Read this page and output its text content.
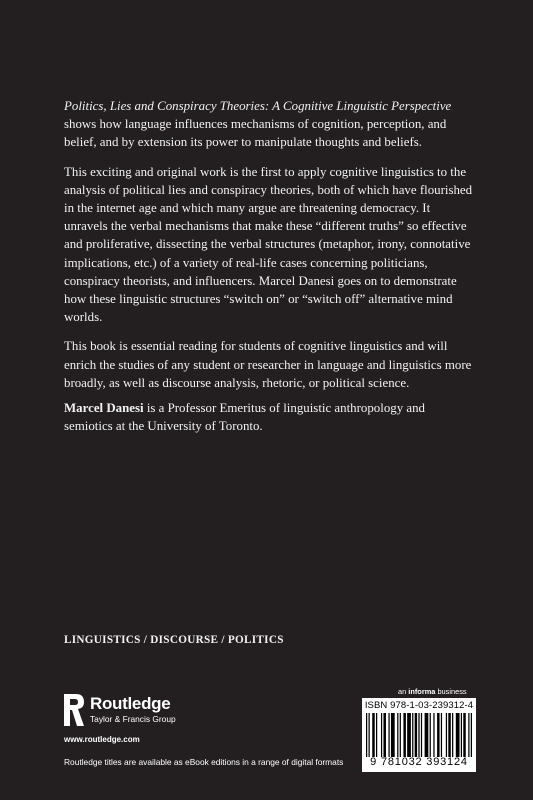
Politics, Lies and Conspiracy Theories: A Cognitive Linguistic Perspective shows how language influences mechanisms of cognition, perception, and belief, and by extension its power to manipulate thoughts and beliefs.

This exciting and original work is the first to apply cognitive linguistics to the analysis of political lies and conspiracy theories, both of which have flourished in the internet age and which many argue are threatening democracy. It unravels the verbal mechanisms that make these “different truths” so effective and proliferative, dissecting the verbal structures (metaphor, irony, connotative implications, etc.) of a variety of real-life cases concerning politicians, conspiracy theorists, and influencers. Marcel Danesi goes on to demonstrate how these linguistic structures “switch on” or “switch off” alternative mind worlds.

This book is essential reading for students of cognitive linguistics and will enrich the studies of any student or researcher in language and linguistics more broadly, as well as discourse analysis, rhetoric, or political science.

Marcel Danesi is a Professor Emeritus of linguistic anthropology and semiotics at the University of Toronto.
LINGUISTICS / DISCOURSE / POLITICS
Routledge
Taylor & Francis Group
www.routledge.com
Routledge titles are available as eBook editions in a range of digital formats
an informa business
ISBN 978-1-03-239312-4
9 781032 393124
